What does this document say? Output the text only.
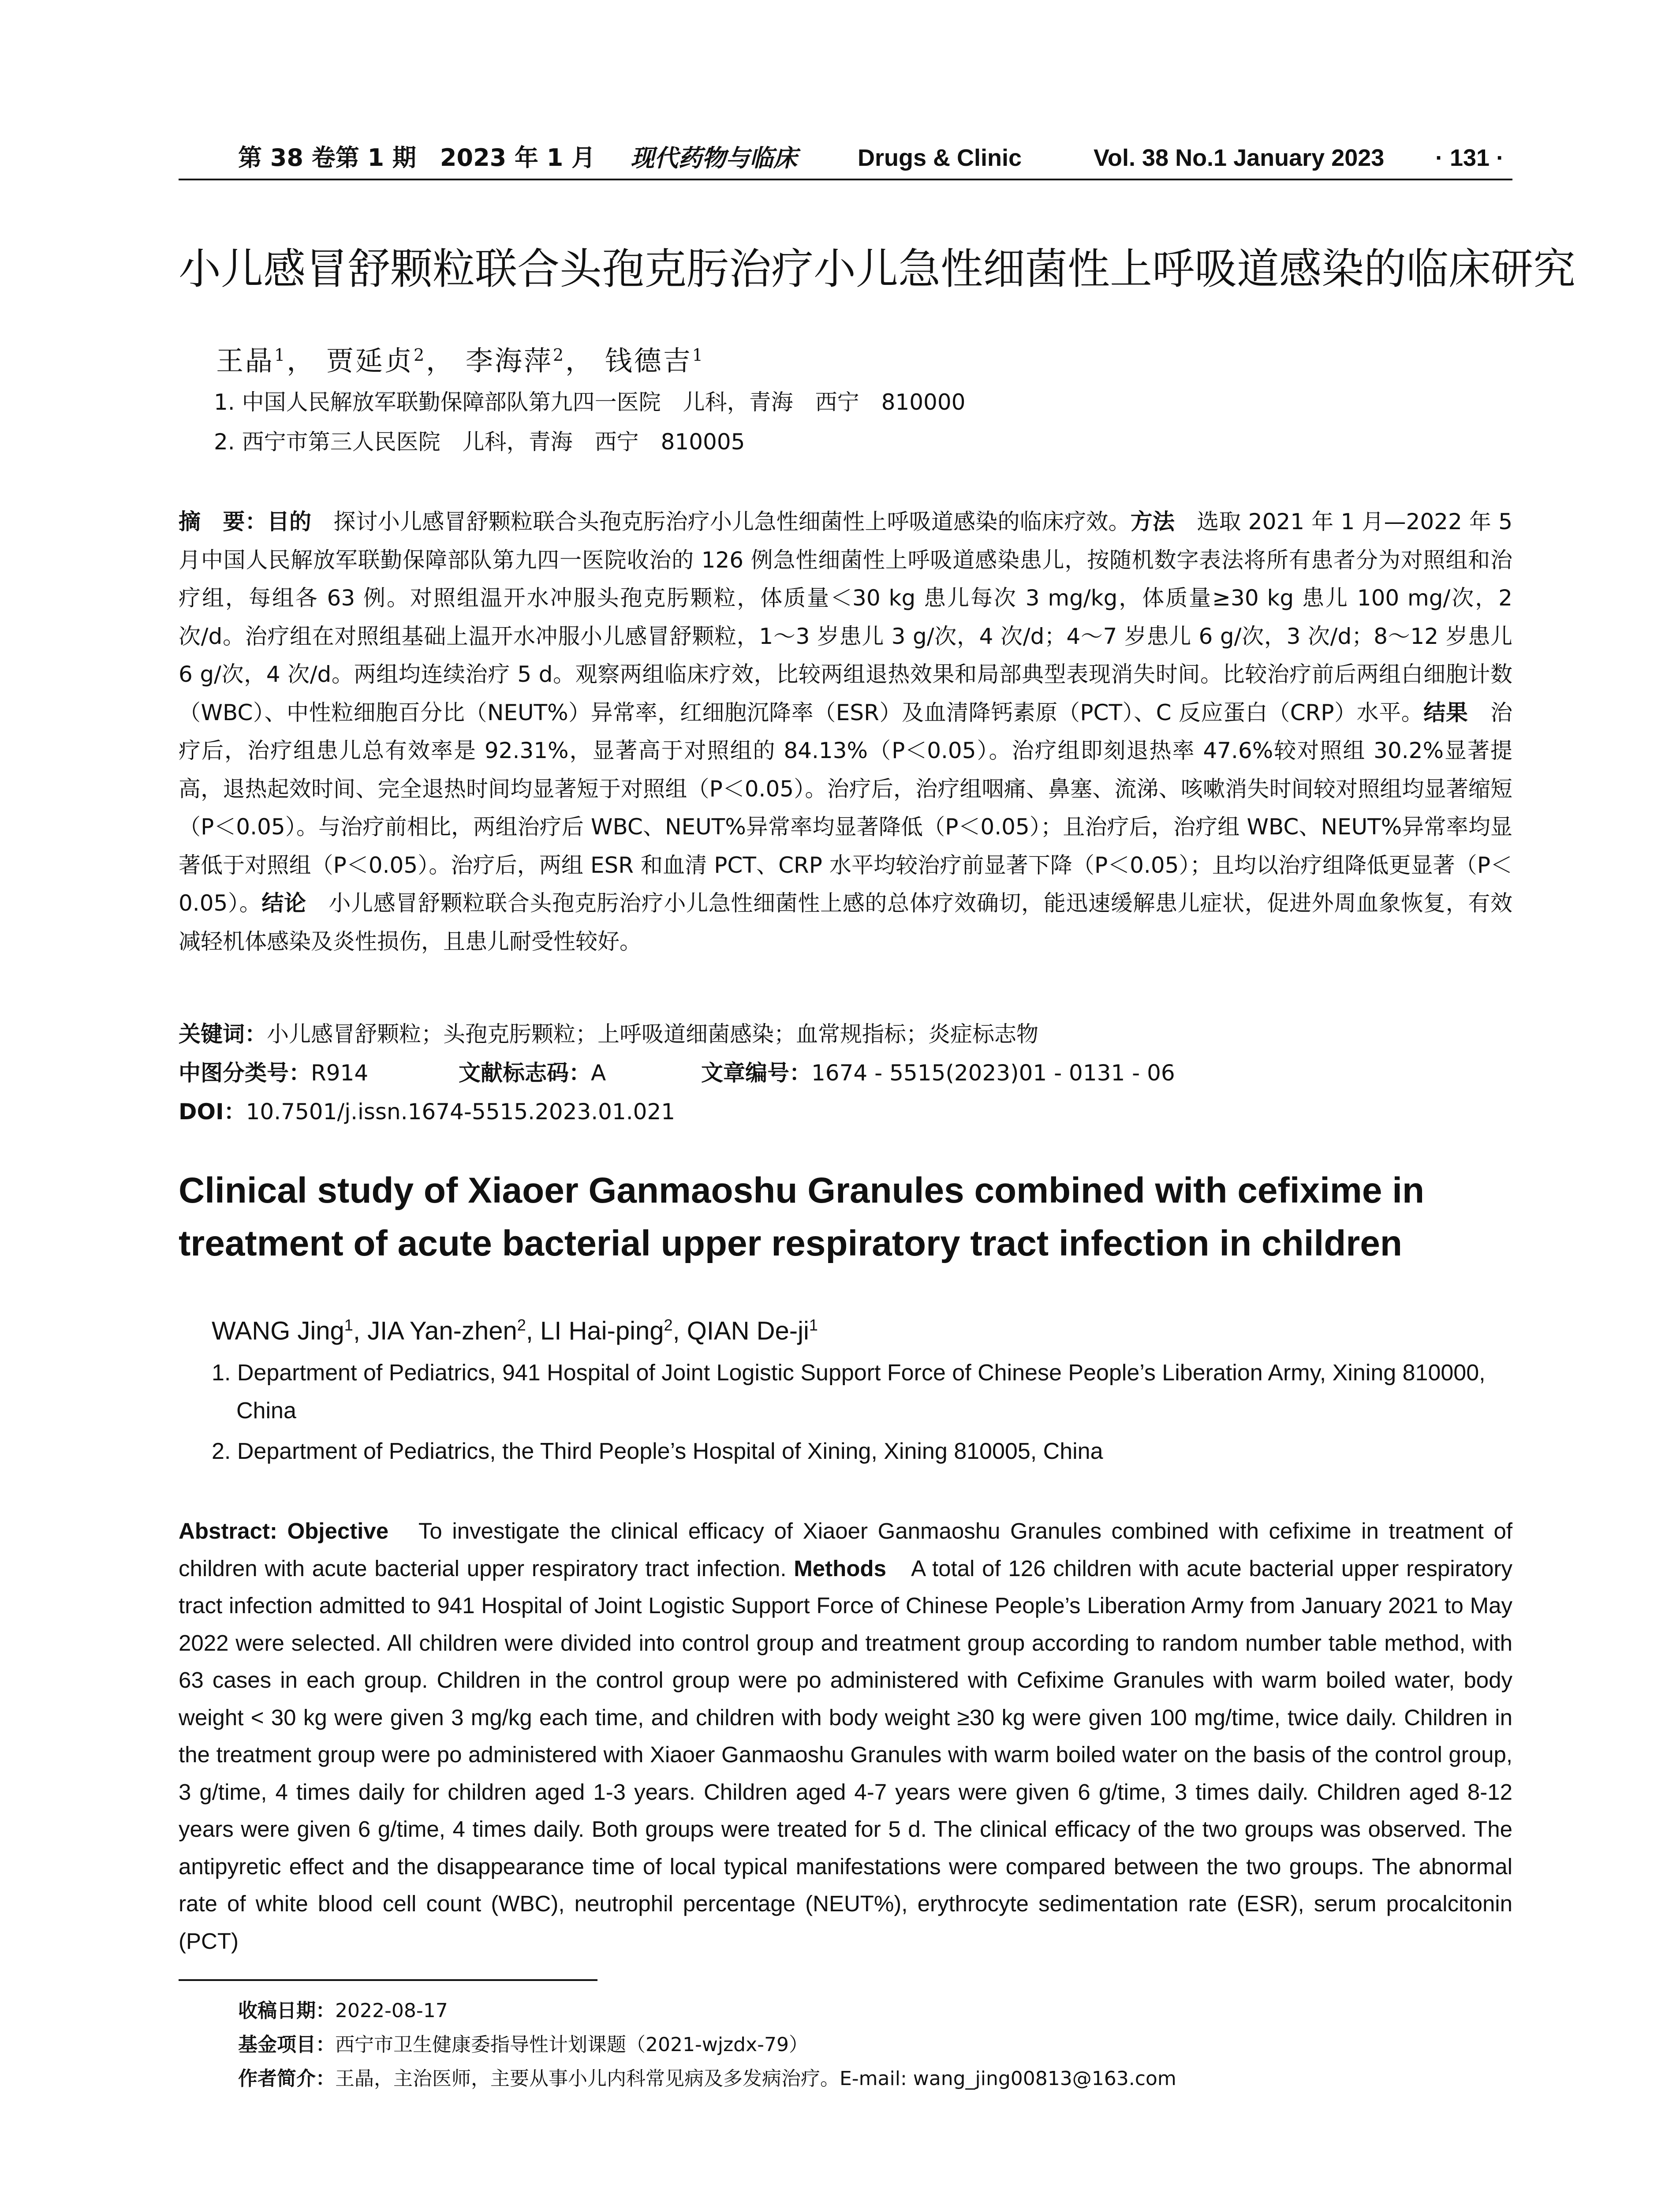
第 38 卷第 1 期　2023 年 1 月 现代药物与临床	Drugs & Clinic	Vol. 38 No.1 January 2023 · 131 ·
小儿感冒舒颗粒联合头孢克肟治疗小儿急性细菌性上呼吸道感染的临床研究
王晶$^1$， 贾延贞$^2$， 李海萍$^2$， 钱德吉$^1$
1. 中国人民解放军联勤保障部队第九四一医院　儿科，青海　西宁　810000
2. 西宁市第三人民医院　儿科，青海　西宁　810005
摘　要：目的　探讨小儿感冒舒颗粒联合头孢克肟治疗小儿急性细菌性上呼吸道感染的临床疗效。方法　选取 2021 年 1 月—2022 年 5 月中国人民解放军联勤保障部队第九四一医院收治的 126 例急性细菌性上呼吸道感染患儿，按随机数字表法将所有患者分为对照组和治疗组，每组各 63 例。对照组温开水冲服头孢克肟颗粒，体质量＜30 kg 患儿每次 3 mg/kg，体质量≥30 kg 患儿 100 mg/次，2 次/d。治疗组在对照组基础上温开水冲服小儿感冒舒颗粒，1～3 岁患儿 3 g/次，4 次/d；4～7 岁患儿 6 g/次，3 次/d；8～12 岁患儿 6 g/次，4 次/d。两组均连续治疗 5 d。观察两组临床疗效，比较两组退热效果和局部典型表现消失时间。比较治疗前后两组白细胞计数（WBC）、中性粒细胞百分比（NEUT%）异常率，红细胞沉降率（ESR）及血清降钙素原（PCT）、C 反应蛋白（CRP）水平。结果　治疗后，治疗组患儿总有效率是 92.31%，显著高于对照组的 84.13%（P＜0.05）。治疗组即刻退热率 47.6%较对照组 30.2%显著提高，退热起效时间、完全退热时间均显著短于对照组（P＜0.05）。治疗后，治疗组咽痛、鼻塞、流涕、咳嗽消失时间较对照组均显著缩短（P＜0.05）。与治疗前相比，两组治疗后 WBC、NEUT%异常率均显著降低（P＜0.05）；且治疗后，治疗组 WBC、NEUT%异常率均显著低于对照组（P＜0.05）。治疗后，两组 ESR 和血清 PCT、CRP 水平均较治疗前显著下降（P＜0.05）；且均以治疗组降低更显著（P＜0.05）。结论　小儿感冒舒颗粒联合头孢克肟治疗小儿急性细菌性上感的总体疗效确切，能迅速缓解患儿症状，促进外周血象恢复，有效减轻机体感染及炎性损伤，且患儿耐受性较好。
关键词：小儿感冒舒颗粒；头孢克肟颗粒；上呼吸道细菌感染；血常规指标；炎症标志物
中图分类号：R914	文献标志码：A	文章编号：1674 - 5515(2023)01 - 0131 - 06
DOI：10.7501/j.issn.1674-5515.2023.01.021
Clinical study of Xiaoer Ganmaoshu Granules combined with cefixime in treatment of acute bacterial upper respiratory tract infection in children
WANG Jing$^1$, JIA Yan-zhen$^2$, LI Hai-ping$^2$, QIAN $De-ji^1$
1. Department of Pediatrics, 941 Hospital of Joint Logistic Support Force of Chinese People’s Liberation Army, Xining 810000, China
2. Department of Pediatrics, the Third People’s Hospital of Xining, Xining 810005, China
Abstract: Objective　To investigate the clinical efficacy of Xiaoer Ganmaoshu Granules combined with cefixime in treatment of children with acute bacterial upper respiratory tract infection. Methods　A total of 126 children with acute bacterial upper respiratory tract infection admitted to 941 Hospital of Joint Logistic Support Force of Chinese People’s Liberation Army from January 2021 to May 2022 were selected. All children were divided into control group and treatment group according to random number table method, with 63 cases in each group. Children in the control group were po administered with Cefixime Granules with warm boiled water, body weight < 30 kg were given 3 mg/kg each time, and children with body weight ≥30 kg were given 100 mg/time, twice daily. Children in the treatment group were po administered with Xiaoer Ganmaoshu Granules with warm boiled water on the basis of the control group, 3 g/time, 4 times daily for children aged 1-3 years. Children aged 4-7 years were given 6 g/time, 3 times daily. Children aged 8-12 years were given 6 g/time, 4 times daily. Both groups were treated for 5 d. The clinical efficacy of the two groups was observed. The antipyretic effect and the disappearance time of local typical manifestations were compared between the two groups. The abnormal rate of white blood cell count (WBC), neutrophil percentage (NEUT%), erythrocyte sedimentation rate (ESR), serum procalcitonin (PCT)
收稿日期：2022-08-17
基金项目：西宁市卫生健康委指导性计划课题（2021-wjzdx-79）
作者简介：王晶，主治医师，主要从事小儿内科常见病及多发病治疗。E-mail: wang_jing00813@163.com
